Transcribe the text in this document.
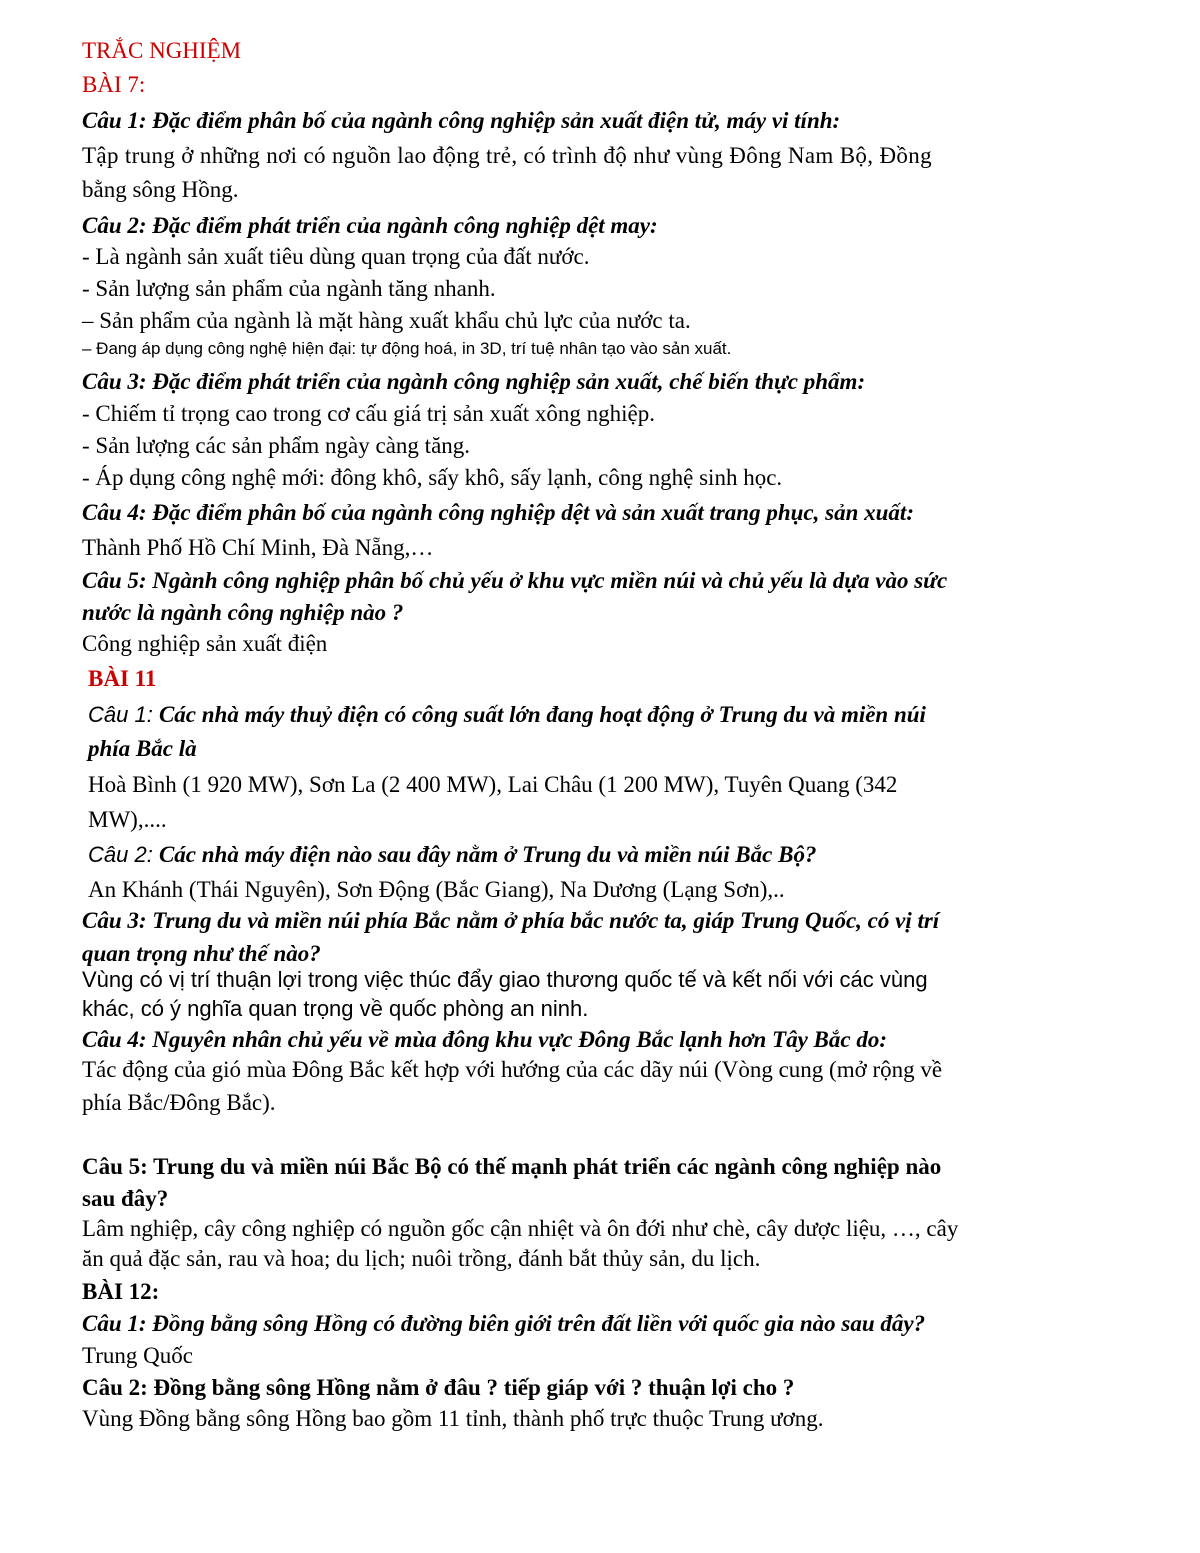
TRẮC NGHIỆM
BÀI 7:
Câu 1: Đặc điểm phân bố của ngành công nghiệp sản xuất điện tử, máy vi tính:
Tập trung ở những nơi có nguồn lao động trẻ, có trình độ như vùng Đông Nam Bộ, Đồng
bằng sông Hồng.
Câu 2: Đặc điểm phát triển của ngành công nghiệp dệt may:
- Là ngành sản xuất tiêu dùng quan trọng của đất nước.
- Sản lượng sản phẩm của ngành tăng nhanh.
– Sản phẩm của ngành là mặt hàng xuất khẩu chủ lực của nước ta.
– Đang áp dụng công nghệ hiện đại: tự động hoá, in 3D, trí tuệ nhân tạo vào sản xuất.
Câu 3: Đặc điểm phát triển của ngành công nghiệp sản xuất, chế biến thực phẩm:
- Chiếm tỉ trọng cao trong cơ cấu giá trị sản xuất xông nghiệp.
- Sản lượng các sản phẩm ngày càng tăng.
- Áp dụng công nghệ mới: đông khô, sấy khô, sấy lạnh, công nghệ sinh học.
Câu 4: Đặc điểm phân bố của ngành công nghiệp dệt và sản xuất trang phục, sản xuất:
Thành Phố Hồ Chí Minh, Đà Nẵng,…
Câu 5: Ngành công nghiệp phân bố chủ yếu ở khu vực miền núi và chủ yếu là dựa vào sức
nước là ngành công nghiệp nào ?
Công nghiệp sản xuất điện
BÀI 11
Câu 1: Các nhà máy thuỷ điện có công suất lớn đang hoạt động ở Trung du và miền núi
phía Bắc là
Hoà Bình (1 920 MW), Sơn La (2 400 MW), Lai Châu (1 200 MW), Tuyên Quang (342
MW),....
Câu 2: Các nhà máy điện nào sau đây nằm ở Trung du và miền núi Bắc Bộ?
An Khánh (Thái Nguyên), Sơn Động (Bắc Giang), Na Dương (Lạng Sơn),..
Câu 3: Trung du và miền núi phía Bắc nằm ở phía bắc nước ta, giáp Trung Quốc, có vị trí
quan trọng như thế nào?
Vùng có vị trí thuận lợi trong việc thúc đẩy giao thương quốc tế và kết nối với các vùng
khác, có ý nghĩa quan trọng về quốc phòng an ninh.
Câu 4: Nguyên nhân chủ yếu về mùa đông khu vực Đông Bắc lạnh hơn Tây Bắc do:
Tác động của gió mùa Đông Bắc kết hợp với hướng của các dãy núi (Vòng cung (mở rộng về
phía Bắc/Đông Bắc).
Câu 5: Trung du và miền núi Bắc Bộ có thế mạnh phát triển các ngành công nghiệp nào
sau đây?
Lâm nghiệp, cây công nghiệp có nguồn gốc cận nhiệt và ôn đới như chè, cây dược liệu, …, cây
ăn quả đặc sản, rau và hoa; du lịch; nuôi trồng, đánh bắt thủy sản, du lịch.
BÀI 12:
Câu 1: Đồng bằng sông Hồng có đường biên giới trên đất liền với quốc gia nào sau đây?
Trung Quốc
Câu 2: Đồng bằng sông Hồng nằm ở đâu ? tiếp giáp với ? thuận lợi cho ?
Vùng Đồng bằng sông Hồng bao gồm 11 tỉnh, thành phố trực thuộc Trung ương.
